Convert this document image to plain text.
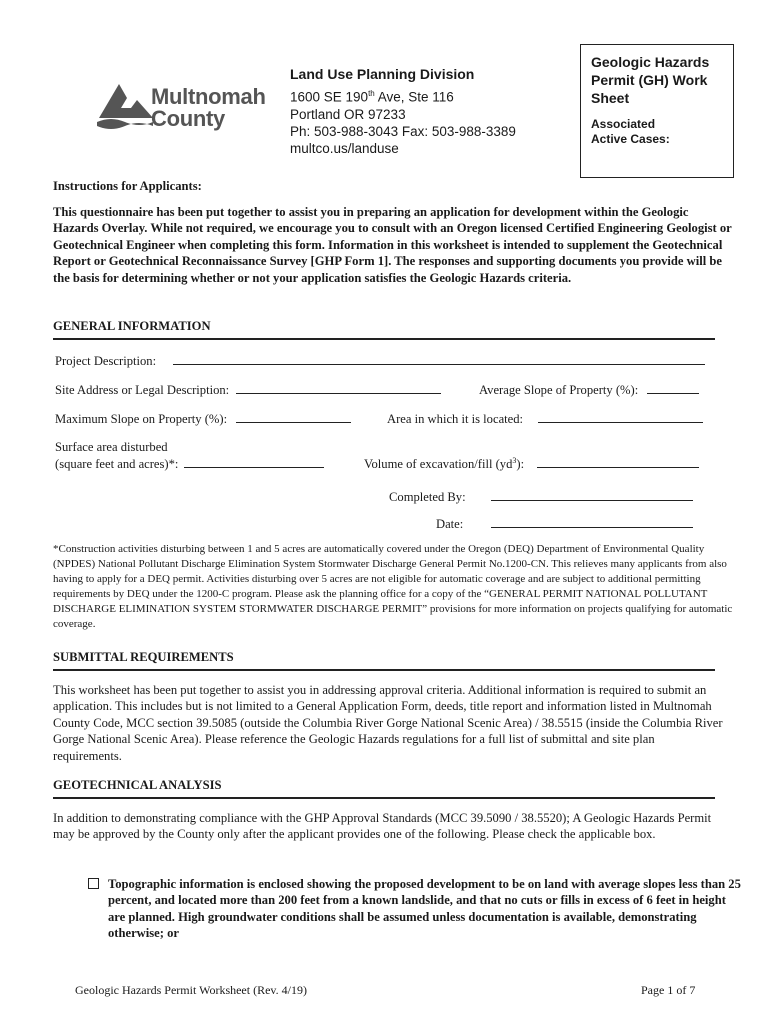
Multnomah
County
Land Use Planning Division
1600 SE 190th Ave, Ste 116
Portland OR 97233
Ph: 503-988-3043 Fax: 503-988-3389
multco.us/landuse
Geologic Hazards Permit (GH) Work Sheet
Associated
Active Cases:
Instructions for Applicants:
This questionnaire has been put together to assist you in preparing an application for development within the Geologic Hazards Overlay. While not required, we encourage you to consult with an Oregon licensed Certified Engineering Geologist or Geotechnical Engineer when completing this form. Information in this worksheet is intended to supplement the Geotechnical Report or Geotechnical Reconnaissance Survey [GHP Form 1]. The responses and supporting documents you provide will be the basis for determining whether or not your application satisfies the Geologic Hazards criteria.
GENERAL INFORMATION
Project Description:
Site Address or Legal Description:	Average Slope of Property (%):
Maximum Slope on Property (%):	Area in which it is located:
Surface area disturbed
(square feet and acres)*:	Volume of excavation/fill $(yd^3)$:
Completed By:
Date:
*Construction activities disturbing between 1 and 5 acres are automatically covered under the Oregon (DEQ) Department of Environmental Quality (NPDES) National Pollutant Discharge Elimination System Stormwater Discharge General Permit No.1200-CN. This relieves many applicants from also having to apply for a DEQ permit. Activities disturbing over 5 acres are not eligible for automatic coverage and are subject to additional permitting requirements by DEQ under the 1200-C program. Please ask the planning office for a copy of the “GENERAL PERMIT NATIONAL POLLUTANT DISCHARGE ELIMINATION SYSTEM STORMWATER DISCHARGE PERMIT” provisions for more information on projects qualifying for automatic coverage.
SUBMITTAL REQUIREMENTS
This worksheet has been put together to assist you in addressing approval criteria. Additional information is required to submit an application. This includes but is not limited to a General Application Form, deeds, title report and information listed in Multnomah County Code, MCC section 39.5085 (outside the Columbia River Gorge National Scenic Area) / 38.5515 (inside the Columbia River Gorge National Scenic Area). Please reference the Geologic Hazards regulations for a full list of submittal and site plan requirements.
GEOTECHNICAL ANALYSIS
In addition to demonstrating compliance with the GHP Approval Standards (MCC 39.5090 / 38.5520); A Geologic Hazards Permit may be approved by the County only after the applicant provides one of the following. Please check the applicable box.
Topographic information is enclosed showing the proposed development to be on land with average slopes less than 25 percent, and located more than 200 feet from a known landslide, and that no cuts or fills in excess of 6 feet in height are planned. High groundwater conditions shall be assumed unless documentation is available, demonstrating otherwise; or
Geologic Hazards Permit Worksheet (Rev. 4/19)	Page 1 of 7
